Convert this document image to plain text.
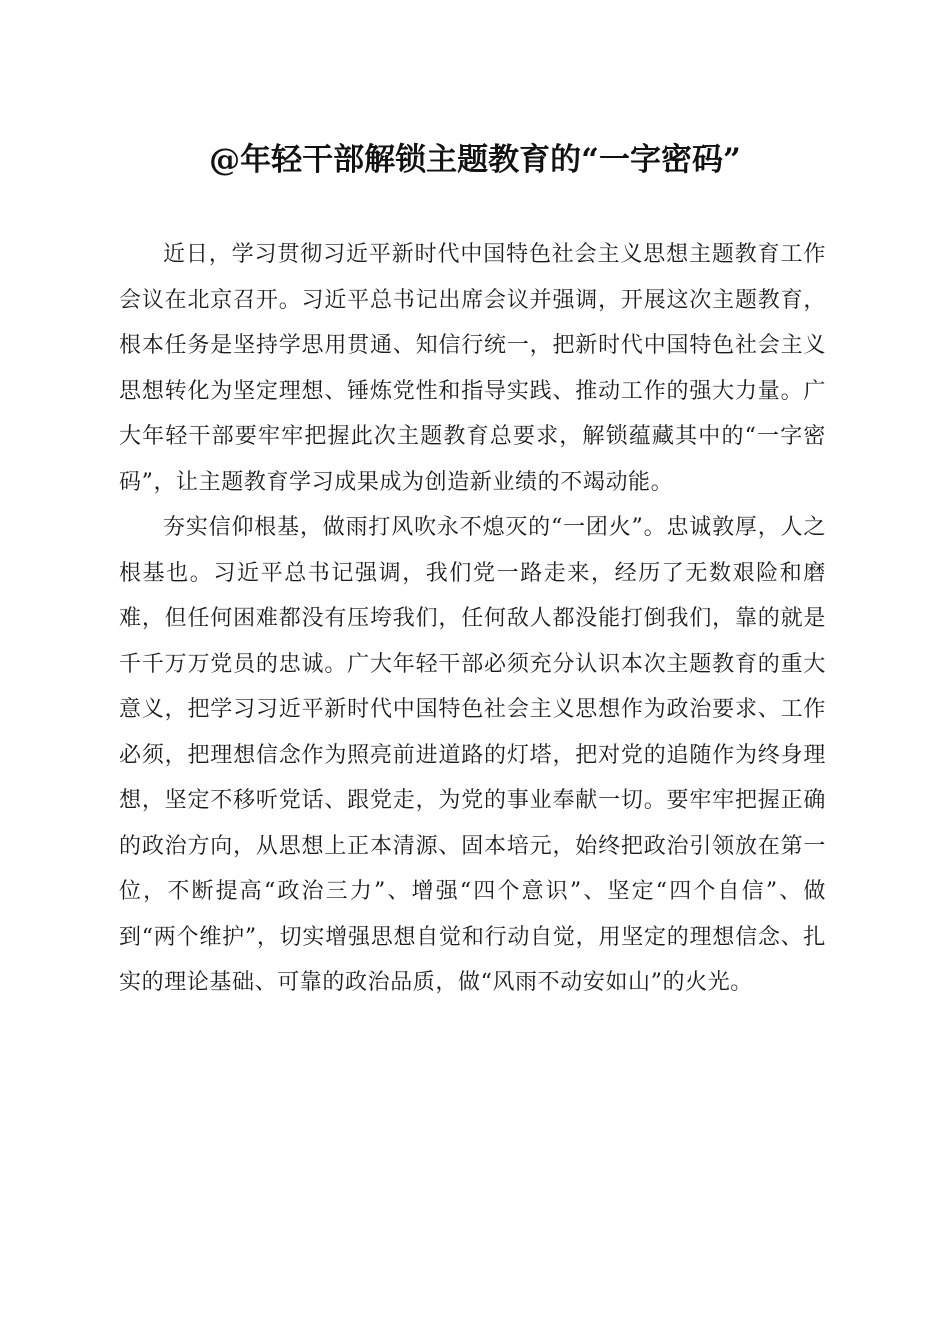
@年轻干部解锁主题教育的“一字密码”

近日，学习贯彻习近平新时代中国特色社会主义思想主题教育工作会议在北京召开。习近平总书记出席会议并强调，开展这次主题教育，根本任务是坚持学思用贯通、知信行统一，把新时代中国特色社会主义思想转化为坚定理想、锤炼党性和指导实践、推动工作的强大力量。广大年轻干部要牢牢把握此次主题教育总要求，解锁蕴藏其中的“一字密码”，让主题教育学习成果成为创造新业绩的不竭动能。

夯实信仰根基，做雨打风吹永不熄灭的“一团火”。忠诚敦厚，人之根基也。习近平总书记强调，我们党一路走来，经历了无数艰险和磨难，但任何困难都没有压垮我们，任何敌人都没能打倒我们，靠的就是千千万万党员的忠诚。广大年轻干部必须充分认识本次主题教育的重大意义，把学习习近平新时代中国特色社会主义思想作为政治要求、工作必须，把理想信念作为照亮前进道路的灯塔，把对党的追随作为终身理想，坚定不移听党话、跟党走，为党的事业奉献一切。要牢牢把握正确的政治方向，从思想上正本清源、固本培元，始终把政治引领放在第一位，不断提高“政治三力”、增强“四个意识”、坚定“四个自信”、做到“两个维护”，切实增强思想自觉和行动自觉，用坚定的理想信念、扎实的理论基础、可靠的政治品质，做“风雨不动安如山”的火光。
